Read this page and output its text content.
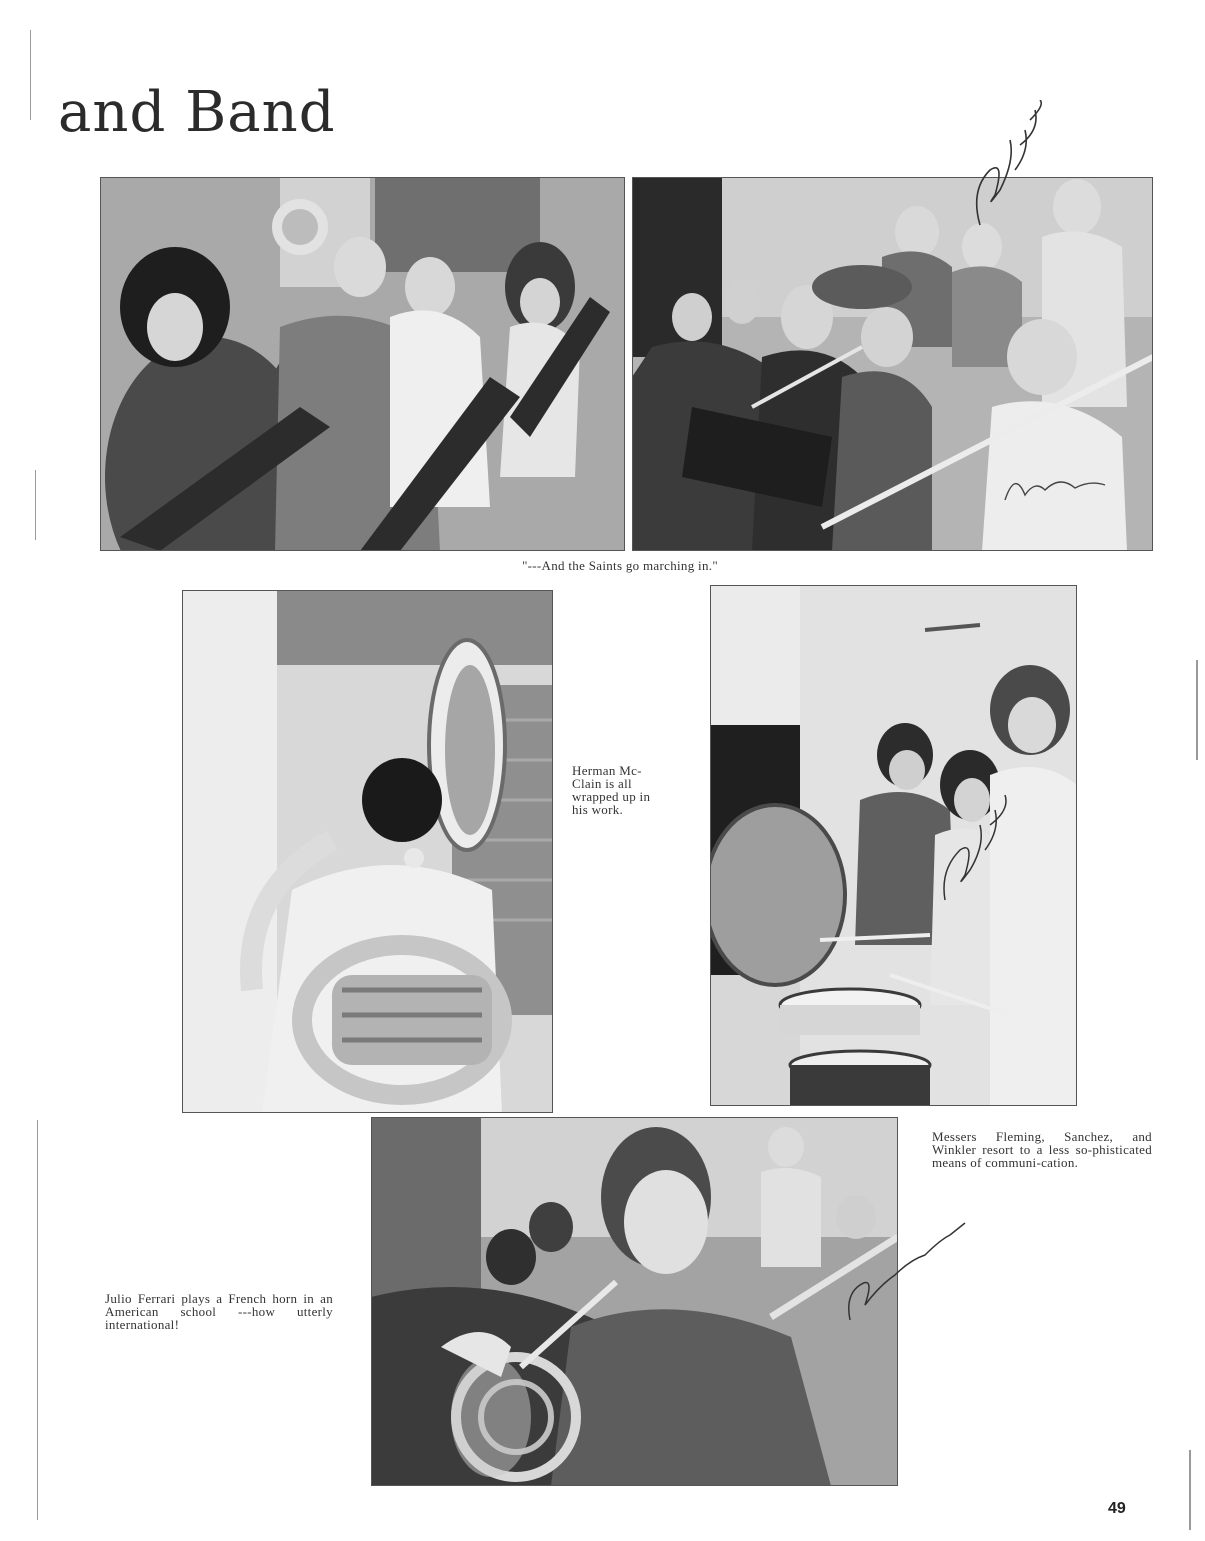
and Band

"---And the Saints go marching in."

Herman Mc-
Clain is all
wrapped up in
his work.

Messers Fleming, Sanchez, and Winkler resort to a less so-phisticated means of communi-cation.

Julio Ferrari plays a French horn in an American school ---how utterly international!

49
